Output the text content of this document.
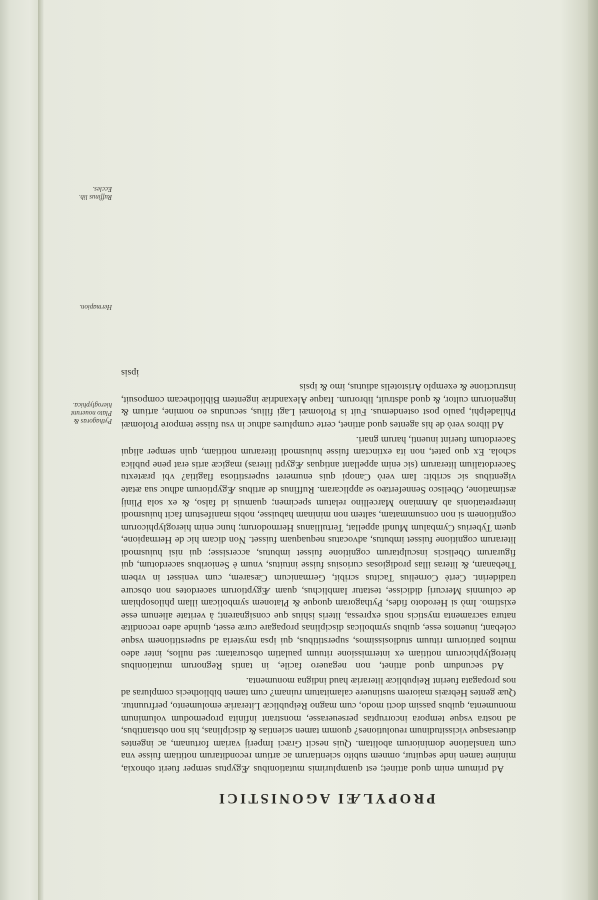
PROPYLÆI AGONISTICI

Ad primum enim quod attinet; est quamplurimis mutationibus Ægyptus semper fuerit obnoxia, minime tamen inde sequitur, omnem subito scientiarum ac artium reconditarum notitiam fuisse vna cum translatione dominiorum abolitam. Quis nescit Græci Imperij variam fortunam, ac ingentes diuersasque vicissitudinum reuolutiones? quomm tamen scientias & disciplinas, his non obstantibus, ad nostra vsque tempora incorruptas perseuerasse, monstrant infinita propemodum voluminum monumenta, quibus passim docti modo, cum magno Reipublicæ Literariæ emolumento, perfruuntur. Quæ gentes Hebræis maiorem sustinuere calamitatum ruinam? cum tamen bibliothecis compluras ad nos propagata fuerint Reipublicæ literariæ haud indigna monumenta.

Ad secundum quod attinet, non negauero facile, in tantis Regnorum mutationibus hieroglyphicorum notitiam ex intermissione rituum paulatim obscuratam: sed nullos, inter adeo multos patriorum rituum studiosissimos, superstitibus, qui ipsa mysteria ad superstitionem vsque colebant, inuentos esse, quibus symbolicas disciplinas propagare curæ esset, quinde adeo reconditæ natura sacramenta mysticis notis expressa, literis ishius que consignarent; à veritate alienum esse existimo. Imò si Herodoto fides, Pythagoram quoque & Platonem symbolicam illam philosophiam de columnis Mercurij didicisse, testatur Iamblichus, quam Ægyptiorum sacerdotes non obscure tradiderint. Certè Cornelius Tacitus scribit, Germanicum Cæsarem, cum venisset in vrbem Thebanam, & literas illas prodigiosas curiosius fuisse intuitus, vnum è Senioribus sacerdotum, qui figurarum Obeliscis insculptarum cognitione fuisset imbutus, accersisse; qui nisi huiusmodi literarum cognitione fuisset imbutus, advocatus nequaquam fuisset. Non dicam hic de Hermapione, quem Tyberius Cymbalum Mundi appellat, Tertullianus Hermodorum; hunc enim hieroglyphicorum cognitionem si non consummatam, saltem non mininam habuisse, nobis manifestum facit huiusmodi interpretationis ab Ammiano Marcellino relatum specimen; quamuis id falso, & ex sola Plinij æstimatione, Obelisco Sennefertæo se applicaram. Ruffinus de artibus Ægyptiorum adhuc sua ætate vigentibus sic scribit: Iam verò Canopi quis enumeret superstitiosa flagitia? vbi prætextu Sacerdotalium literarum (sic enim appellant antiquas Ægypti literas) magicæ artis erat pene publica schola. Ex quo patet, non ita extinctam fuisse huiusmodi literarum notitiam, quin semper aliqui Sacerdotum fuerint inuenti, harum gnari.

Ad libros verò de his agentes quod attinet, certe cumplures adhuc in vsu fuisse tempore Ptolomæi Philadelphi, paulo post ostendemus. Fuit is Ptolomæi Lagi filius, secundus eo nomine, artium & ingeniorum cultor, & quod adstruit, librorum. Itaque Alexandriæ ingentem Bibliothecam composuit, instructione & exemplo Aristotelis adiutus, imo & ipsis

ipsis

Pythagoras & Plato nouerunt hieroglyphica.
Hermapion.
Ruffinus lib. Eccles.
